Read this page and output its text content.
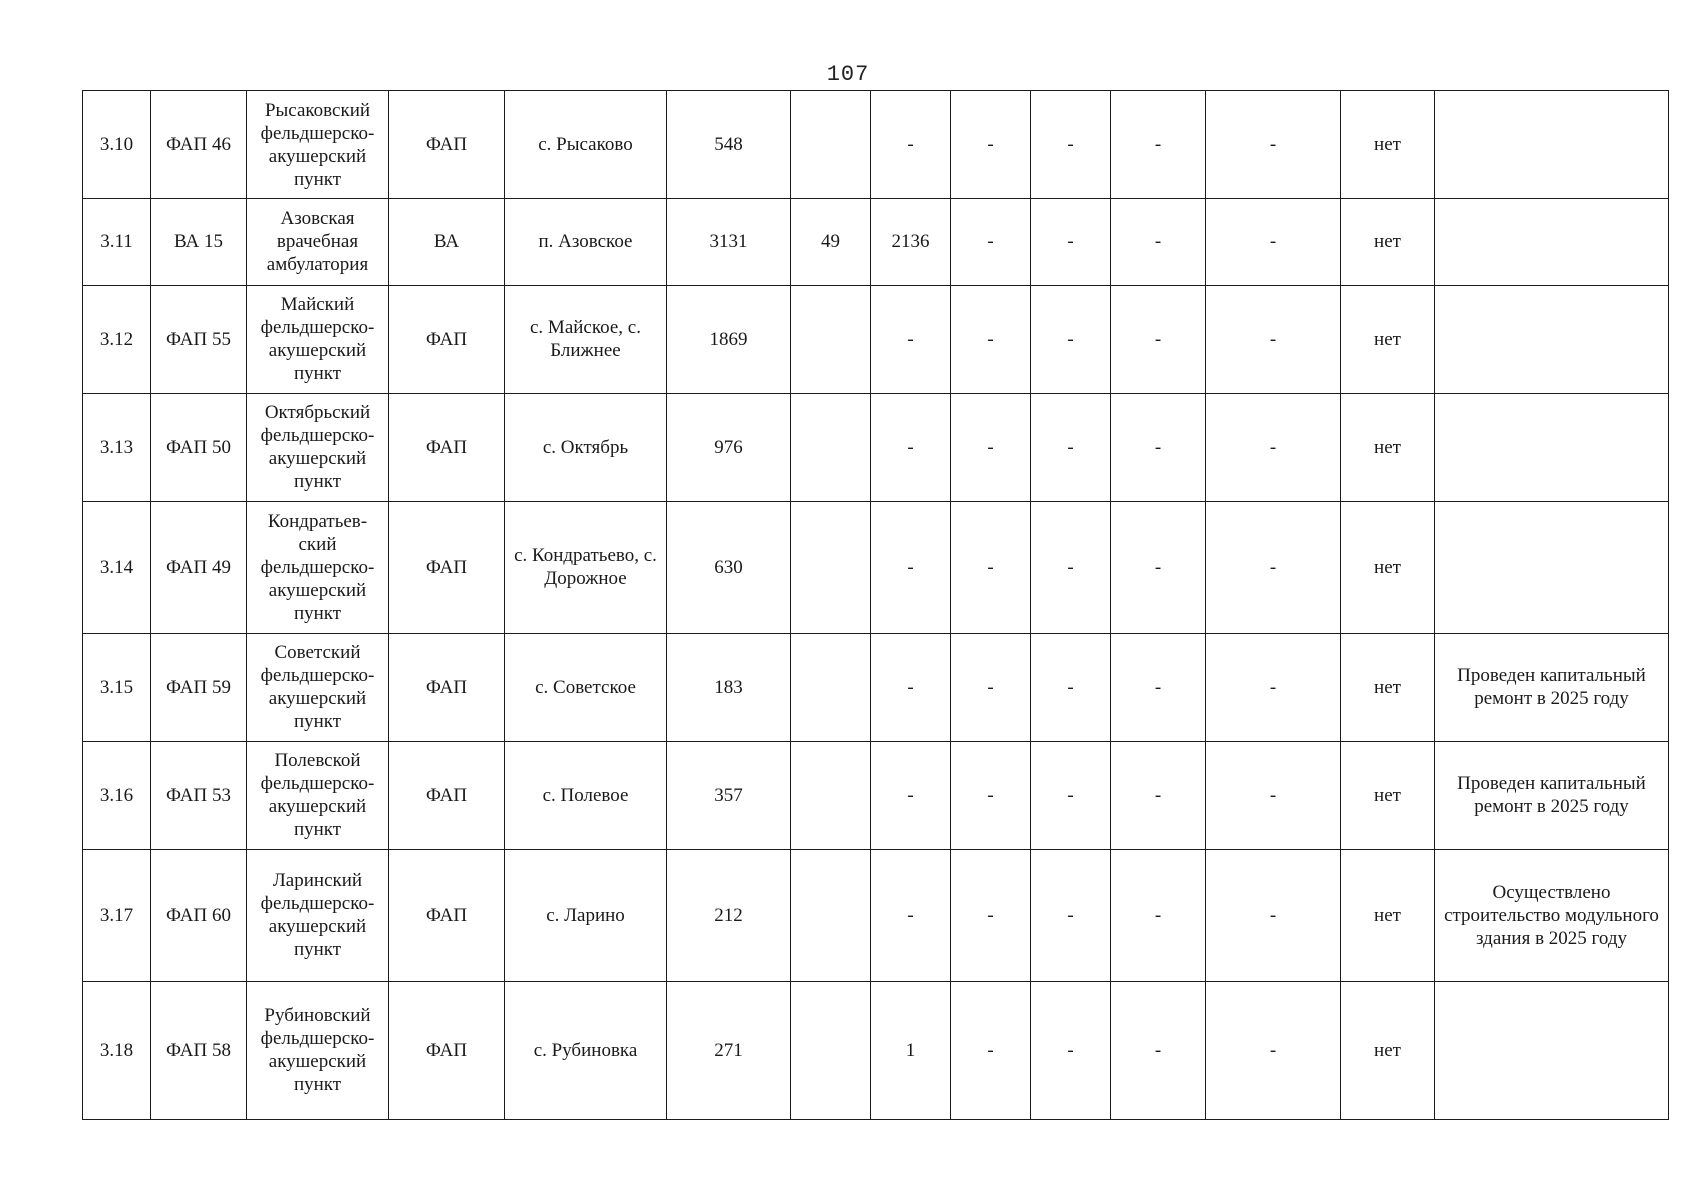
107
3.10	ФАП 46	Рысаковский фельдшерско-акушерский пункт	ФАП	с. Рысаково	548		-	-	-	-	-	нет	
3.11	ВА 15	Азовская врачебная амбулатория	ВА	п. Азовское	3131	49	2136	-	-	-	-	нет	
3.12	ФАП 55	Майский фельдшерско-акушерский пункт	ФАП	с. Майское, с. Ближнее	1869		-	-	-	-	-	нет	
3.13	ФАП 50	Октябрьский фельдшерско-акушерский пункт	ФАП	с. Октябрь	976		-	-	-	-	-	нет	
3.14	ФАП 49	Кондратьев-ский фельдшерско-акушерский пункт	ФАП	с. Кондратьево, с. Дорожное	630		-	-	-	-	-	нет	
3.15	ФАП 59	Советский фельдшерско-акушерский пункт	ФАП	с. Советское	183		-	-	-	-	-	нет	Проведен капитальный ремонт в 2025 году
3.16	ФАП 53	Полевской фельдшерско-акушерский пункт	ФАП	с. Полевое	357		-	-	-	-	-	нет	Проведен капитальный ремонт в 2025 году
3.17	ФАП 60	Ларинский фельдшерско-акушерский пункт	ФАП	с. Ларино	212		-	-	-	-	-	нет	Осуществлено строительство модульного здания в 2025 году
3.18	ФАП 58	Рубиновский фельдшерско-акушерский пункт	ФАП	с. Рубиновка	271		1	-	-	-	-	нет	
